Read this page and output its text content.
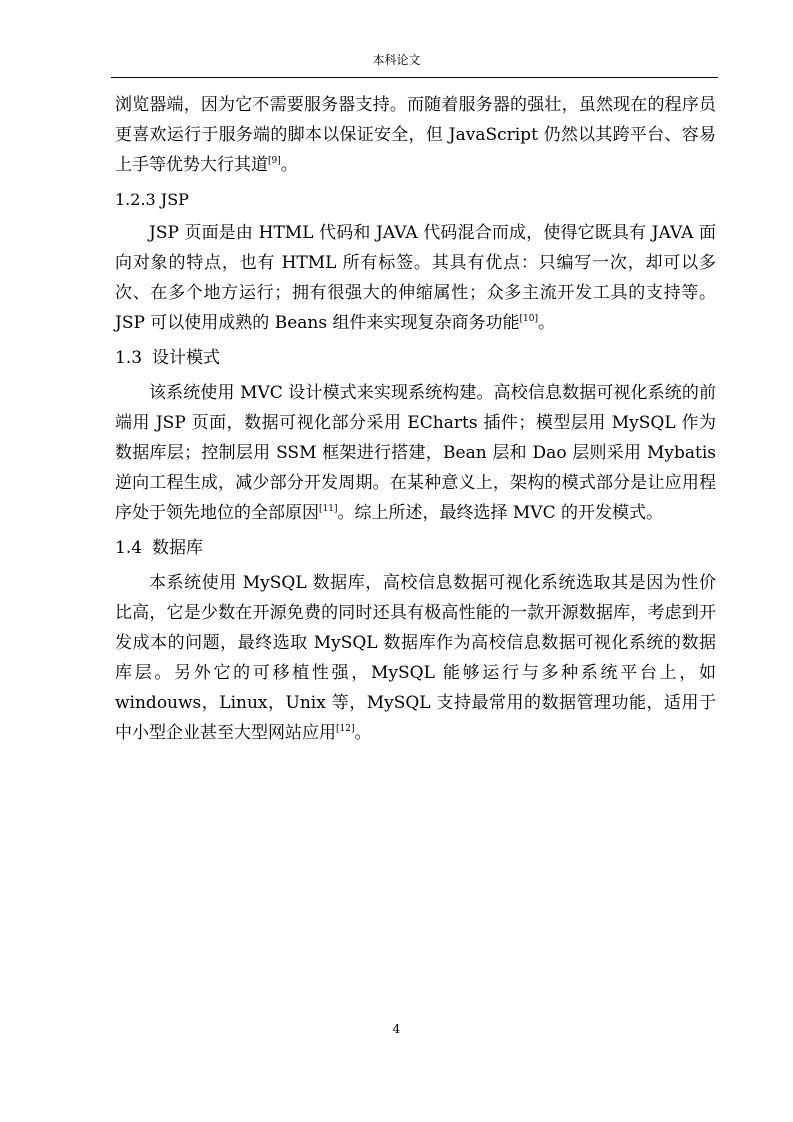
本科论文

浏览器端，因为它不需要服务器支持。而随着服务器的强壮，虽然现在的程序员更喜欢运行于服务端的脚本以保证安全，但 JavaScript 仍然以其跨平台、容易上手等优势大行其道[9]。

1.2.3 JSP

JSP 页面是由 HTML 代码和 JAVA 代码混合而成，使得它既具有 JAVA 面向对象的特点，也有 HTML 所有标签。其具有优点：只编写一次，却可以多次、在多个地方运行；拥有很强大的伸缩属性；众多主流开发工具的支持等。JSP 可以使用成熟的 Beans 组件来实现复杂商务功能[10]。

1.3 设计模式

该系统使用 MVC 设计模式来实现系统构建。高校信息数据可视化系统的前端用 JSP 页面，数据可视化部分采用 ECharts 插件；模型层用 MySQL 作为数据库层；控制层用 SSM 框架进行搭建，Bean 层和 Dao 层则采用 Mybatis 逆向工程生成，减少部分开发周期。在某种意义上，架构的模式部分是让应用程序处于领先地位的全部原因[11]。综上所述，最终选择 MVC 的开发模式。

1.4 数据库

本系统使用 MySQL 数据库，高校信息数据可视化系统选取其是因为性价比高，它是少数在开源免费的同时还具有极高性能的一款开源数据库，考虑到开发成本的问题，最终选取 MySQL 数据库作为高校信息数据可视化系统的数据库层。另外它的可移植性强，MySQL 能够运行与多种系统平台上，如 windouws，Linux，Unix 等，MySQL 支持最常用的数据管理功能，适用于中小型企业甚至大型网站应用[12]。

4
